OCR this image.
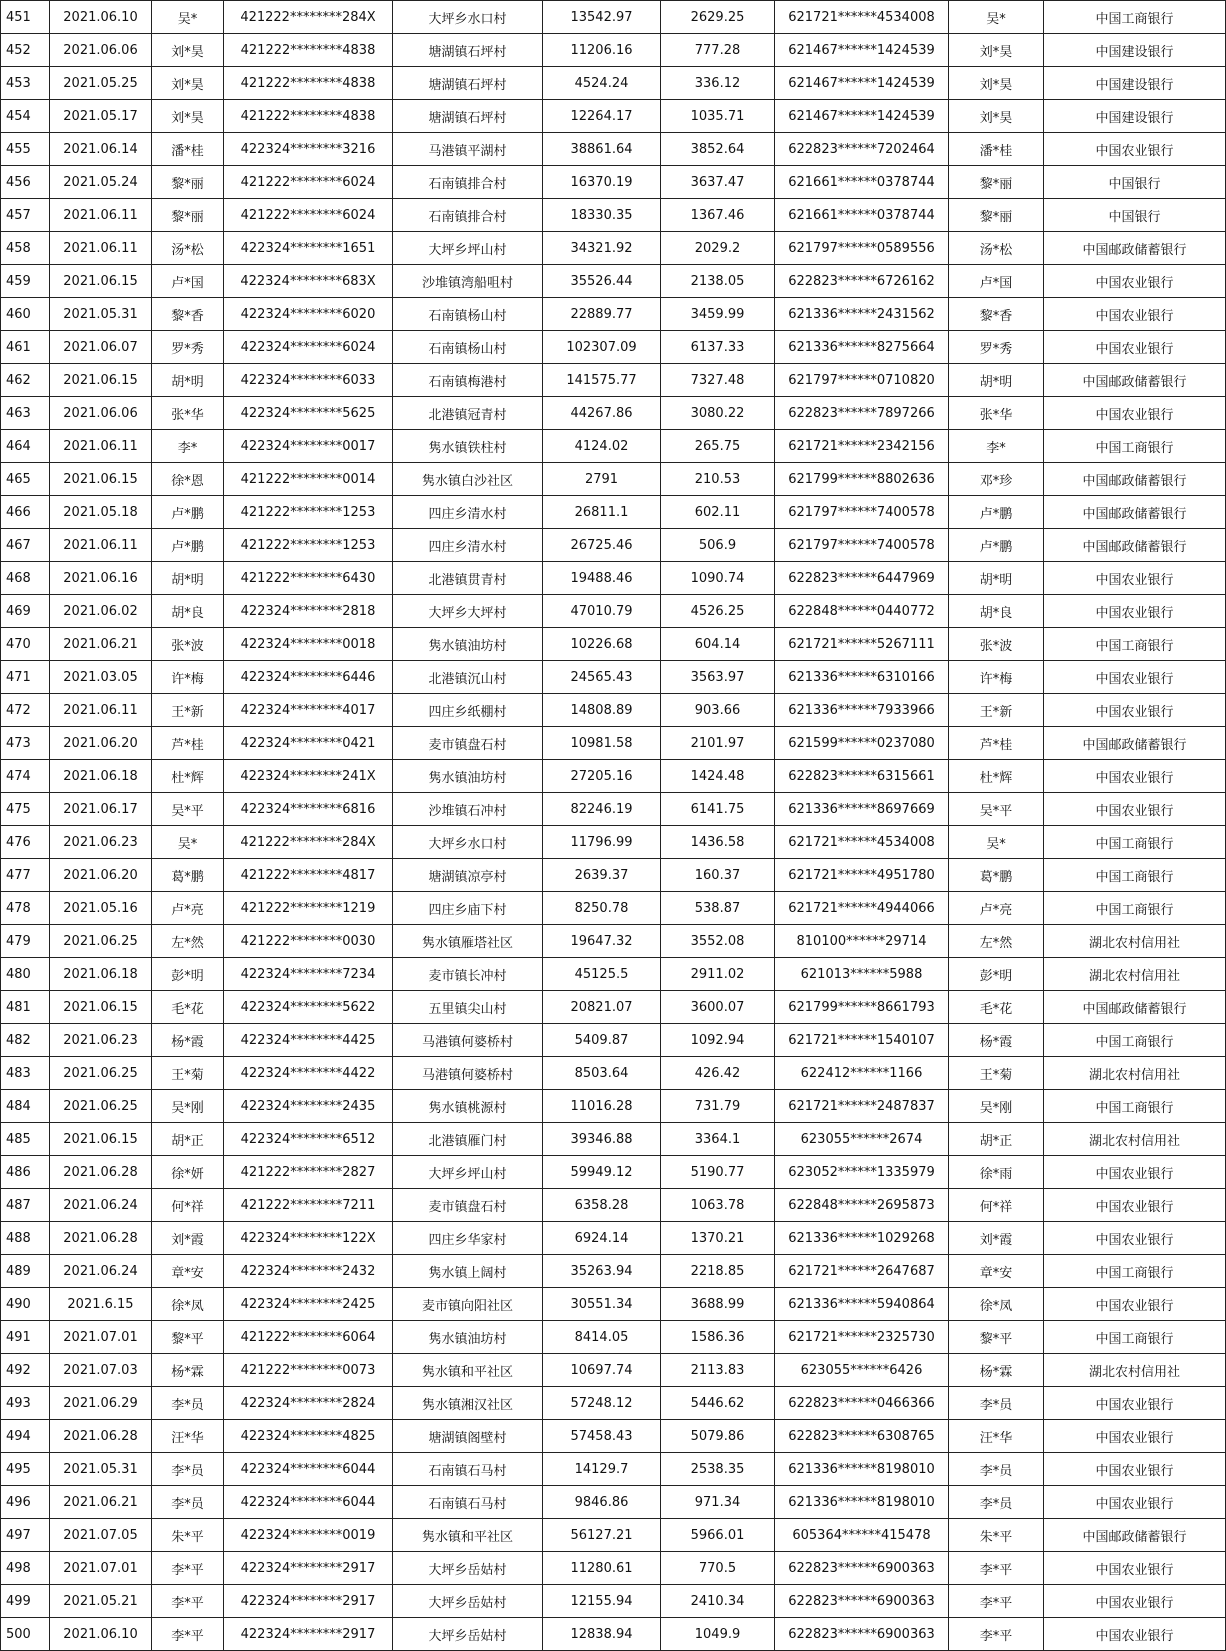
451	2021.06.10	吴*	421222********284X	大坪乡水口村	13542.97	2629.25	621721******4534008	吴*	中国工商银行
452	2021.06.06	刘*昊	421222********4838	塘湖镇石坪村	11206.16	777.28	621467******1424539	刘*昊	中国建设银行
453	2021.05.25	刘*昊	421222********4838	塘湖镇石坪村	4524.24	336.12	621467******1424539	刘*昊	中国建设银行
454	2021.05.17	刘*昊	421222********4838	塘湖镇石坪村	12264.17	1035.71	621467******1424539	刘*昊	中国建设银行
455	2021.06.14	潘*桂	422324********3216	马港镇平湖村	38861.64	3852.64	622823******7202464	潘*桂	中国农业银行
456	2021.05.24	黎*丽	421222********6024	石南镇排合村	16370.19	3637.47	621661******0378744	黎*丽	中国银行
457	2021.06.11	黎*丽	421222********6024	石南镇排合村	18330.35	1367.46	621661******0378744	黎*丽	中国银行
458	2021.06.11	汤*松	422324********1651	大坪乡坪山村	34321.92	2029.2	621797******0589556	汤*松	中国邮政储蓄银行
459	2021.06.15	卢*国	422324********683X	沙堆镇湾船咀村	35526.44	2138.05	622823******6726162	卢*国	中国农业银行
460	2021.05.31	黎*香	422324********6020	石南镇杨山村	22889.77	3459.99	621336******2431562	黎*香	中国农业银行
461	2021.06.07	罗*秀	422324********6024	石南镇杨山村	102307.09	6137.33	621336******8275664	罗*秀	中国农业银行
462	2021.06.15	胡*明	422324********6033	石南镇梅港村	141575.77	7327.48	621797******0710820	胡*明	中国邮政储蓄银行
463	2021.06.06	张*华	422324********5625	北港镇冠青村	44267.86	3080.22	622823******7897266	张*华	中国农业银行
464	2021.06.11	李*	422324********0017	隽水镇铁柱村	4124.02	265.75	621721******2342156	李*	中国工商银行
465	2021.06.15	徐*恩	421222********0014	隽水镇白沙社区	2791	210.53	621799******8802636	邓*珍	中国邮政储蓄银行
466	2021.05.18	卢*鹏	421222********1253	四庄乡清水村	26811.1	602.11	621797******7400578	卢*鹏	中国邮政储蓄银行
467	2021.06.11	卢*鹏	421222********1253	四庄乡清水村	26725.46	506.9	621797******7400578	卢*鹏	中国邮政储蓄银行
468	2021.06.16	胡*明	421222********6430	北港镇贯青村	19488.46	1090.74	622823******6447969	胡*明	中国农业银行
469	2021.06.02	胡*良	422324********2818	大坪乡大坪村	47010.79	4526.25	622848******0440772	胡*良	中国农业银行
470	2021.06.21	张*波	422324********0018	隽水镇油坊村	10226.68	604.14	621721******5267111	张*波	中国工商银行
471	2021.03.05	许*梅	422324********6446	北港镇沉山村	24565.43	3563.97	621336******6310166	许*梅	中国农业银行
472	2021.06.11	王*新	422324********4017	四庄乡纸棚村	14808.89	903.66	621336******7933966	王*新	中国农业银行
473	2021.06.20	芦*桂	422324********0421	麦市镇盘石村	10981.58	2101.97	621599******0237080	芦*桂	中国邮政储蓄银行
474	2021.06.18	杜*辉	422324********241X	隽水镇油坊村	27205.16	1424.48	622823******6315661	杜*辉	中国农业银行
475	2021.06.17	吴*平	422324********6816	沙堆镇石冲村	82246.19	6141.75	621336******8697669	吴*平	中国农业银行
476	2021.06.23	吴*	421222********284X	大坪乡水口村	11796.99	1436.58	621721******4534008	吴*	中国工商银行
477	2021.06.20	葛*鹏	421222********4817	塘湖镇凉亭村	2639.37	160.37	621721******4951780	葛*鹏	中国工商银行
478	2021.05.16	卢*亮	421222********1219	四庄乡庙下村	8250.78	538.87	621721******4944066	卢*亮	中国工商银行
479	2021.06.25	左*然	421222********0030	隽水镇雁塔社区	19647.32	3552.08	810100******29714	左*然	湖北农村信用社
480	2021.06.18	彭*明	422324********7234	麦市镇长冲村	45125.5	2911.02	621013******5988	彭*明	湖北农村信用社
481	2021.06.15	毛*花	422324********5622	五里镇尖山村	20821.07	3600.07	621799******8661793	毛*花	中国邮政储蓄银行
482	2021.06.23	杨*霞	422324********4425	马港镇何婆桥村	5409.87	1092.94	621721******1540107	杨*霞	中国工商银行
483	2021.06.25	王*菊	422324********4422	马港镇何婆桥村	8503.64	426.42	622412******1166	王*菊	湖北农村信用社
484	2021.06.25	吴*刚	422324********2435	隽水镇桃源村	11016.28	731.79	621721******2487837	吴*刚	中国工商银行
485	2021.06.15	胡*正	422324********6512	北港镇雁门村	39346.88	3364.1	623055******2674	胡*正	湖北农村信用社
486	2021.06.28	徐*妍	421222********2827	大坪乡坪山村	59949.12	5190.77	623052******1335979	徐*雨	中国农业银行
487	2021.06.24	何*祥	421222********7211	麦市镇盘石村	6358.28	1063.78	622848******2695873	何*祥	中国农业银行
488	2021.06.28	刘*霞	422324********122X	四庄乡华家村	6924.14	1370.21	621336******1029268	刘*霞	中国农业银行
489	2021.06.24	章*安	422324********2432	隽水镇上阔村	35263.94	2218.85	621721******2647687	章*安	中国工商银行
490	2021.6.15	徐*凤	422324********2425	麦市镇向阳社区	30551.34	3688.99	621336******5940864	徐*凤	中国农业银行
491	2021.07.01	黎*平	421222********6064	隽水镇油坊村	8414.05	1586.36	621721******2325730	黎*平	中国工商银行
492	2021.07.03	杨*霖	421222********0073	隽水镇和平社区	10697.74	2113.83	623055******6426	杨*霖	湖北农村信用社
493	2021.06.29	李*员	422324********2824	隽水镇湘汉社区	57248.12	5446.62	622823******0466366	李*员	中国农业银行
494	2021.06.28	汪*华	422324********4825	塘湖镇阁壁村	57458.43	5079.86	622823******6308765	汪*华	中国农业银行
495	2021.05.31	李*员	422324********6044	石南镇石马村	14129.7	2538.35	621336******8198010	李*员	中国农业银行
496	2021.06.21	李*员	422324********6044	石南镇石马村	9846.86	971.34	621336******8198010	李*员	中国农业银行
497	2021.07.05	朱*平	422324********0019	隽水镇和平社区	56127.21	5966.01	605364******415478	朱*平	中国邮政储蓄银行
498	2021.07.01	李*平	422324********2917	大坪乡岳姑村	11280.61	770.5	622823******6900363	李*平	中国农业银行
499	2021.05.21	李*平	422324********2917	大坪乡岳姑村	12155.94	2410.34	622823******6900363	李*平	中国农业银行
500	2021.06.10	李*平	422324********2917	大坪乡岳姑村	12838.94	1049.9	622823******6900363	李*平	中国农业银行
